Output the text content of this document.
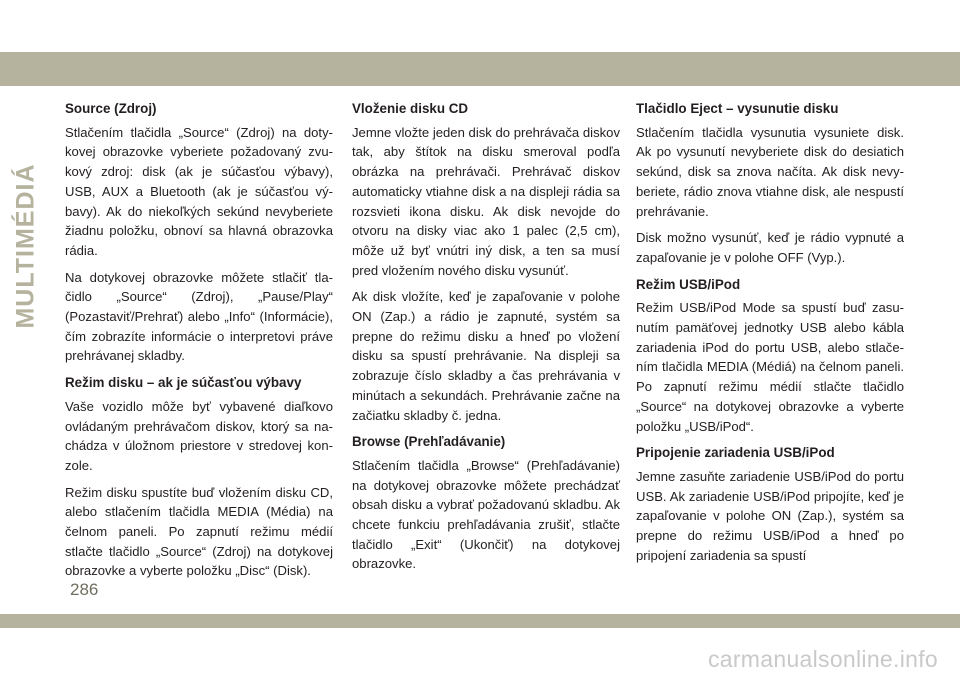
MULTIMÉDIÁ
Source (Zdroj)

Stlačením tlačidla „Source“ (Zdroj) na dotykovej obrazovke vyberiete požadovaný zvukový zdroj: disk (ak je súčasťou výbavy), USB, AUX a Bluetooth (ak je súčasťou výbavy). Ak do niekoľkých sekúnd nevyberiete žiadnu položku, obnoví sa hlavná obrazovka rádia.

Na dotykovej obrazovke môžete stlačiť tlačidlo „Source“ (Zdroj), „Pause/Play“ (Pozastaviť/Prehrať) alebo „Info“ (Informácie), čím zobrazíte informácie o interpretovi práve prehrávanej skladby.

Režim disku – ak je súčasťou výbavy

Vaše vozidlo môže byť vybavené diaľkovo ovládaným prehrávačom diskov, ktorý sa nachádza v úložnom priestore v stredovej konzole.

Režim disku spustíte buď vložením disku CD, alebo stlačením tlačidla MEDIA (Média) na čelnom paneli. Po zapnutí režimu médií stlačte tlačidlo „Source“ (Zdroj) na dotykovej obrazovke a vyberte položku „Disc“ (Disk).

Vloženie disku CD

Jemne vložte jeden disk do prehrávača diskov tak, aby štítok na disku smeroval podľa obrázka na prehrávači. Prehrávač diskov automaticky vtiahne disk a na displeji rádia sa rozsvieti ikona disku. Ak disk nevojde do otvoru na disky viac ako 1 palec (2,5 cm), môže už byť vnútri iný disk, a ten sa musí pred vložením nového disku vysunúť.

Ak disk vložíte, keď je zapaľovanie v polohe ON (Zap.) a rádio je zapnuté, systém sa prepne do režimu disku a hneď po vložení disku sa spustí prehrávanie. Na displeji sa zobrazuje číslo skladby a čas prehrávania v minútach a sekundách. Prehrávanie začne na začiatku skladby č. jedna.

Browse (Prehľadávanie)

Stlačením tlačidla „Browse“ (Prehľadávanie) na dotykovej obrazovke môžete prechádzať obsah disku a vybrať požadovanú skladbu. Ak chcete funkciu prehľadávania zrušiť, stlačte tlačidlo „Exit“ (Ukončiť) na dotykovej obrazovke.

Tlačidlo Eject – vysunutie disku

Stlačením tlačidla vysunutia vysuniete disk. Ak po vysunutí nevyberiete disk do desiatich sekúnd, disk sa znova načíta. Ak disk nevyberiete, rádio znova vtiahne disk, ale nespustí prehrávanie.

Disk možno vysunúť, keď je rádio vypnuté a zapaľovanie je v polohe OFF (Vyp.).

Režim USB/iPod

Režim USB/iPod Mode sa spustí buď zasunutím pamäťovej jednotky USB alebo kábla zariadenia iPod do portu USB, alebo stlačením tlačidla MEDIA (Médiá) na čelnom paneli. Po zapnutí režimu médií stlačte tlačidlo „Source“ na dotykovej obrazovke a vyberte položku „USB/iPod“.

Pripojenie zariadenia USB/iPod

Jemne zasuňte zariadenie USB/iPod do portu USB. Ak zariadenie USB/iPod pripojíte, keď je zapaľovanie v polohe ON (Zap.), systém sa prepne do režimu USB/iPod a hneď po pripojení zariadenia sa spustí

286
carmanualsonline.info
